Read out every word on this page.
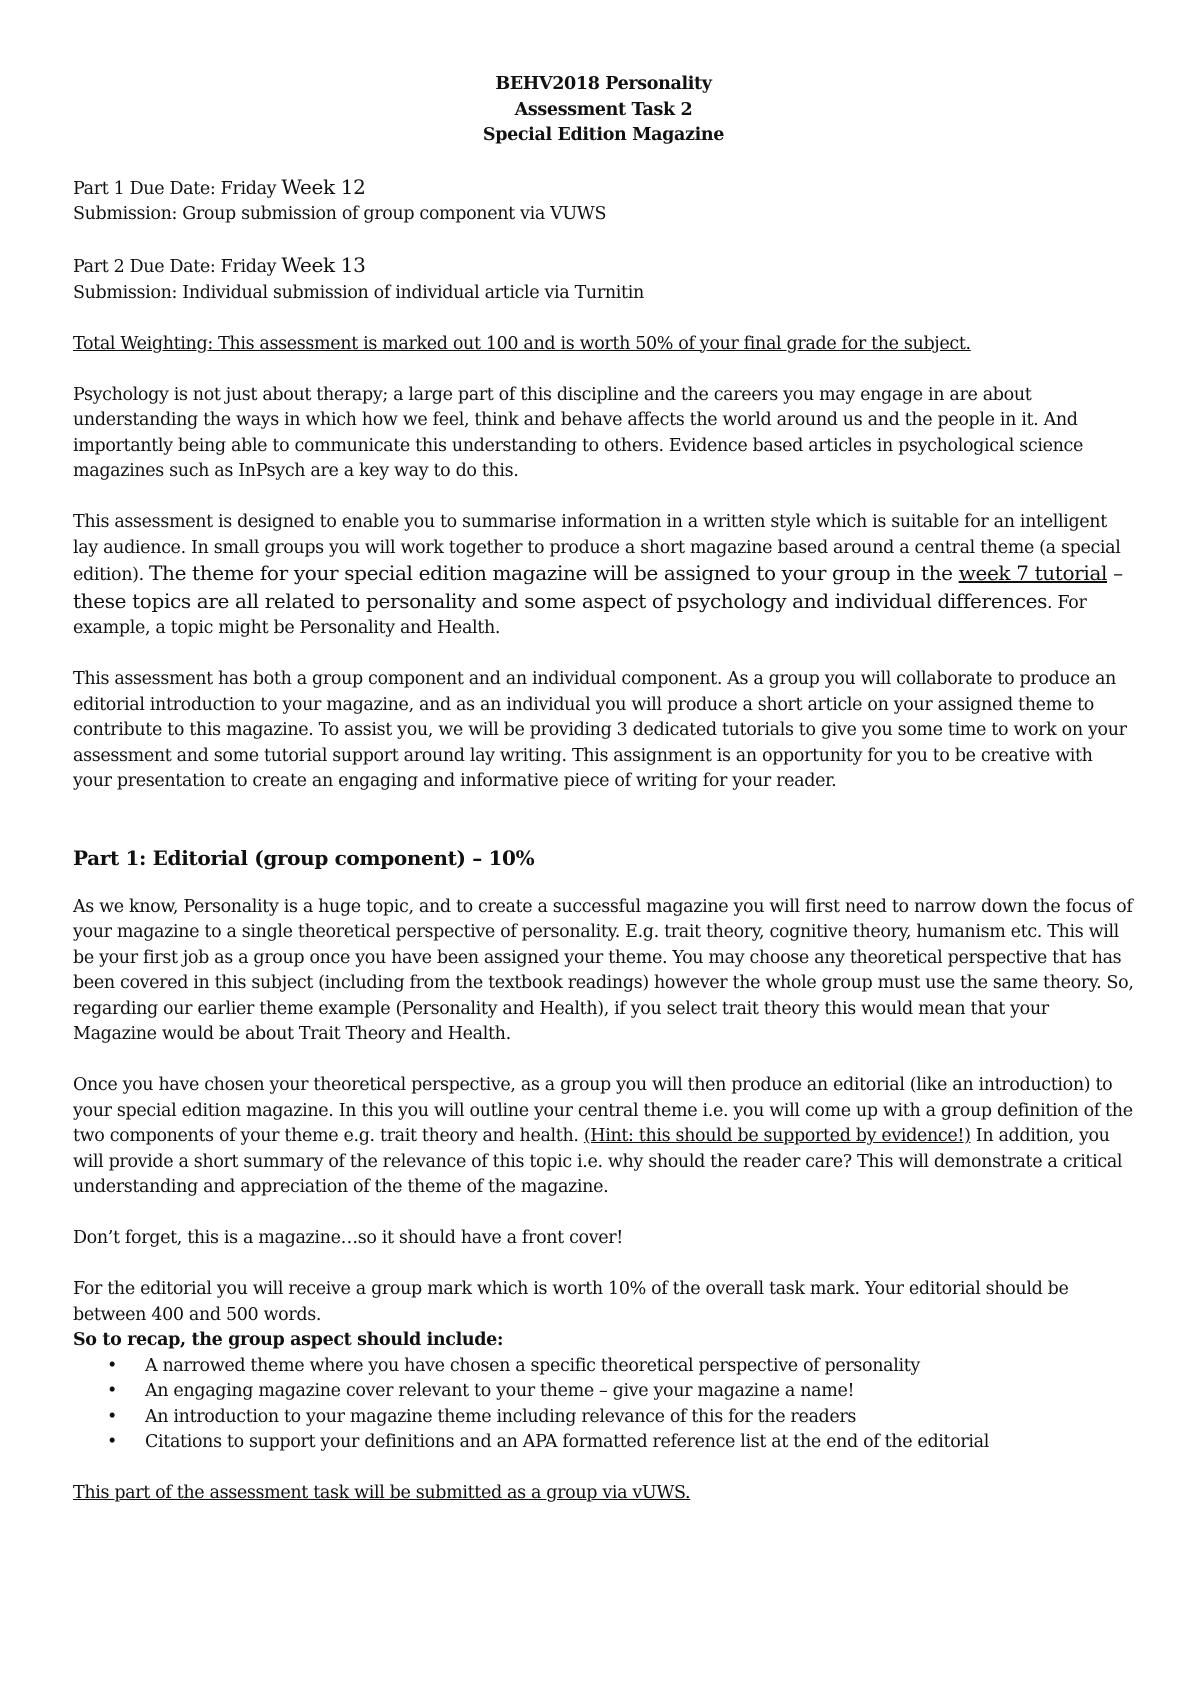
BEHV2018 Personality
Assessment Task 2
Special Edition Magazine

Part 1 Due Date: Friday Week 12
Submission: Group submission of group component via VUWS

Part 2 Due Date: Friday Week 13
Submission: Individual submission of individual article via Turnitin

Total Weighting: This assessment is marked out 100 and is worth 50% of your final grade for the subject.

Psychology is not just about therapy; a large part of this discipline and the careers you may engage in are about understanding the ways in which how we feel, think and behave affects the world around us and the people in it. And importantly being able to communicate this understanding to others. Evidence based articles in psychological science magazines such as InPsych are a key way to do this.

This assessment is designed to enable you to summarise information in a written style which is suitable for an intelligent lay audience. In small groups you will work together to produce a short magazine based around a central theme (a special edition). The theme for your special edition magazine will be assigned to your group in the week 7 tutorial – these topics are all related to personality and some aspect of psychology and individual differences. For example, a topic might be Personality and Health.

This assessment has both a group component and an individual component. As a group you will collaborate to produce an editorial introduction to your magazine, and as an individual you will produce a short article on your assigned theme to contribute to this magazine. To assist you, we will be providing 3 dedicated tutorials to give you some time to work on your assessment and some tutorial support around lay writing. This assignment is an opportunity for you to be creative with your presentation to create an engaging and informative piece of writing for your reader.

Part 1: Editorial (group component) – 10%

As we know, Personality is a huge topic, and to create a successful magazine you will first need to narrow down the focus of your magazine to a single theoretical perspective of personality. E.g. trait theory, cognitive theory, humanism etc. This will be your first job as a group once you have been assigned your theme. You may choose any theoretical perspective that has been covered in this subject (including from the textbook readings) however the whole group must use the same theory. So, regarding our earlier theme example (Personality and Health), if you select trait theory this would mean that your Magazine would be about Trait Theory and Health.

Once you have chosen your theoretical perspective, as a group you will then produce an editorial (like an introduction) to your special edition magazine. In this you will outline your central theme i.e. you will come up with a group definition of the two components of your theme e.g. trait theory and health. (Hint: this should be supported by evidence!) In addition, you will provide a short summary of the relevance of this topic i.e. why should the reader care? This will demonstrate a critical understanding and appreciation of the theme of the magazine.

Don’t forget, this is a magazine…so it should have a front cover!

For the editorial you will receive a group mark which is worth 10% of the overall task mark. Your editorial should be between 400 and 500 words.

So to recap, the group aspect should include:

• A narrowed theme where you have chosen a specific theoretical perspective of personality
• An engaging magazine cover relevant to your theme – give your magazine a name!
• An introduction to your magazine theme including relevance of this for the readers
• Citations to support your definitions and an APA formatted reference list at the end of the editorial

This part of the assessment task will be submitted as a group via vUWS.
